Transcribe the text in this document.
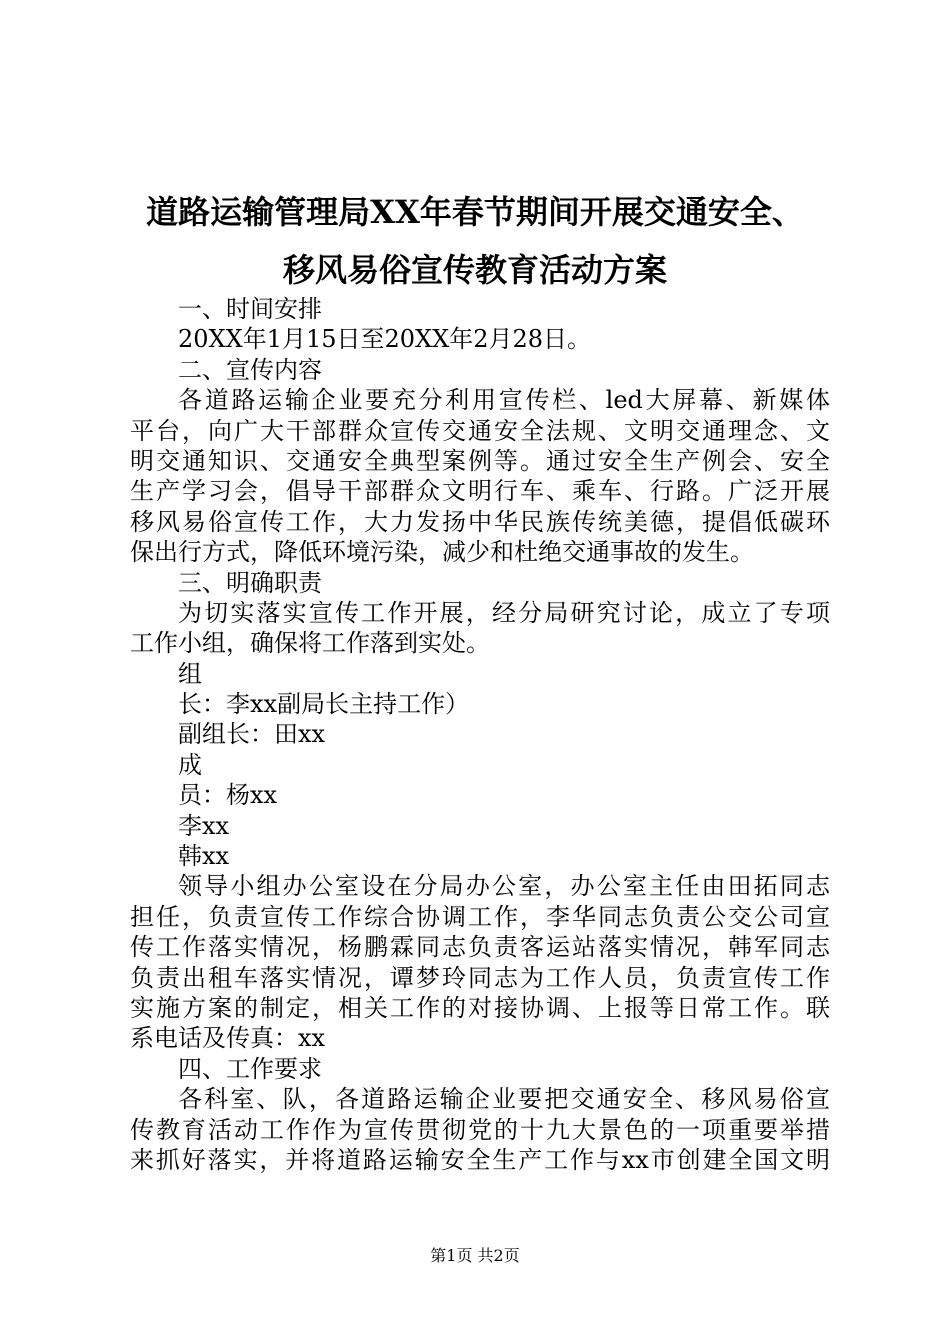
道路运输管理局XX年春节期间开展交通安全、
移风易俗宣传教育活动方案
一、时间安排
20XX年1月15日至20XX年2月28日。
二、宣传内容
各道路运输企业要充分利用宣传栏、led大屏幕、新媒体
平台，向广大干部群众宣传交通安全法规、文明交通理念、文
明交通知识、交通安全典型案例等。通过安全生产例会、安全
生产学习会，倡导干部群众文明行车、乘车、行路。广泛开展
移风易俗宣传工作，大力发扬中华民族传统美德，提倡低碳环
保出行方式，降低环境污染，减少和杜绝交通事故的发生。
三、明确职责
为切实落实宣传工作开展，经分局研究讨论，成立了专项
工作小组，确保将工作落到实处。
组
长：李xx副局长主持工作）
副组长：田xx
成
员：杨xx
李xx
韩xx
领导小组办公室设在分局办公室，办公室主任由田拓同志
担任，负责宣传工作综合协调工作，李华同志负责公交公司宣
传工作落实情况，杨鹏霖同志负责客运站落实情况，韩军同志
负责出租车落实情况，谭梦玲同志为工作人员，负责宣传工作
实施方案的制定，相关工作的对接协调、上报等日常工作。联
系电话及传真：xx
四、工作要求
各科室、队，各道路运输企业要把交通安全、移风易俗宣
传教育活动工作作为宣传贯彻党的十九大景色的一项重要举措
来抓好落实，并将道路运输安全生产工作与xx市创建全国文明
第1页 共2页
